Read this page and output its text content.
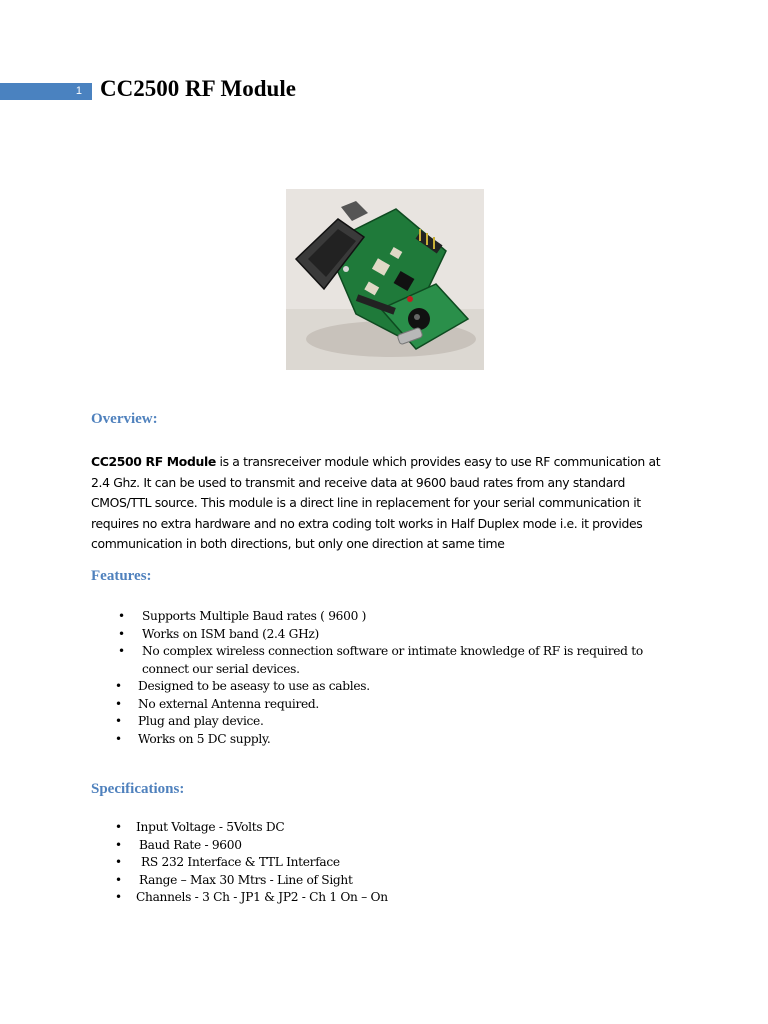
1 CC2500 RF Module
Overview:

CC2500 RF Module is a transreceiver module which provides easy to use RF communication at 2.4 Ghz. It can be used to transmit and receive data at 9600 baud rates from any standard CMOS/TTL source. This module is a direct line in replacement for your serial communication it requires no extra hardware and no extra coding toIt works in Half Duplex mode i.e. it provides communication in both directions, but only one direction at same time

Features:
• Supports Multiple Baud rates ( 9600 )
• Works on ISM band (2.4 GHz)
• No complex wireless connection software or intimate knowledge of RF is required to connect our serial devices.
• Designed to be aseasy to use as cables.
• No external Antenna required.
• Plug and play device.
• Works on 5 DC supply.
Specifications:
• Input Voltage - 5Volts DC
• Baud Rate - 9600
• RS 232 Interface & TTL Interface
• Range – Max 30 Mtrs - Line of Sight
• Channels - 3 Ch - JP1 & JP2 - Ch 1 On – On
